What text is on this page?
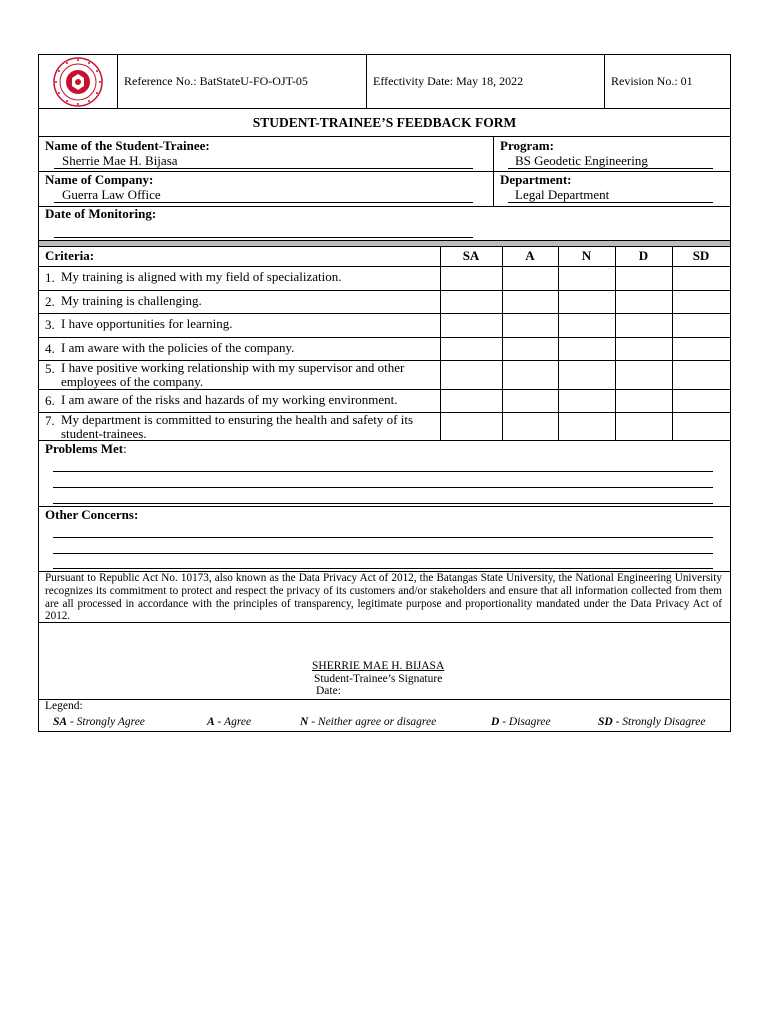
Reference No.: BatStateU-FO-OJT-05	Effectivity Date: May 18, 2022	Revision No.: 01
STUDENT-TRAINEE’S FEEDBACK FORM
Name of the Student-Trainee:
Sherrie Mae H. Bijasa
Program:
BS Geodetic Engineering
Name of Company:
Guerra Law Office
Department:
Legal Department
Date of Monitoring:
Criteria:	SA	A	N	D	SD
1. My training is aligned with my field of specialization.
2. My training is challenging.
3. I have opportunities for learning.
4. I am aware with the policies of the company.
5. I have positive working relationship with my supervisor and other employees of the company.
6. I am aware of the risks and hazards of my working environment.
7. My department is committed to ensuring the health and safety of its student-trainees.
Problems Met:
Other Concerns:
Pursuant to Republic Act No. 10173, also known as the Data Privacy Act of 2012, the Batangas State University, the National Engineering University recognizes its commitment to protect and respect the privacy of its customers and/or stakeholders and ensure that all information collected from them are all processed in accordance with the principles of transparency, legitimate purpose and proportionality mandated under the Data Privacy Act of 2012.
SHERRIE MAE H. BIJASA
Student-Trainee’s Signature
Date:
Legend:
SA - Strongly Agree	A - Agree	N - Neither agree or disagree	D - Disagree	SD - Strongly Disagree
